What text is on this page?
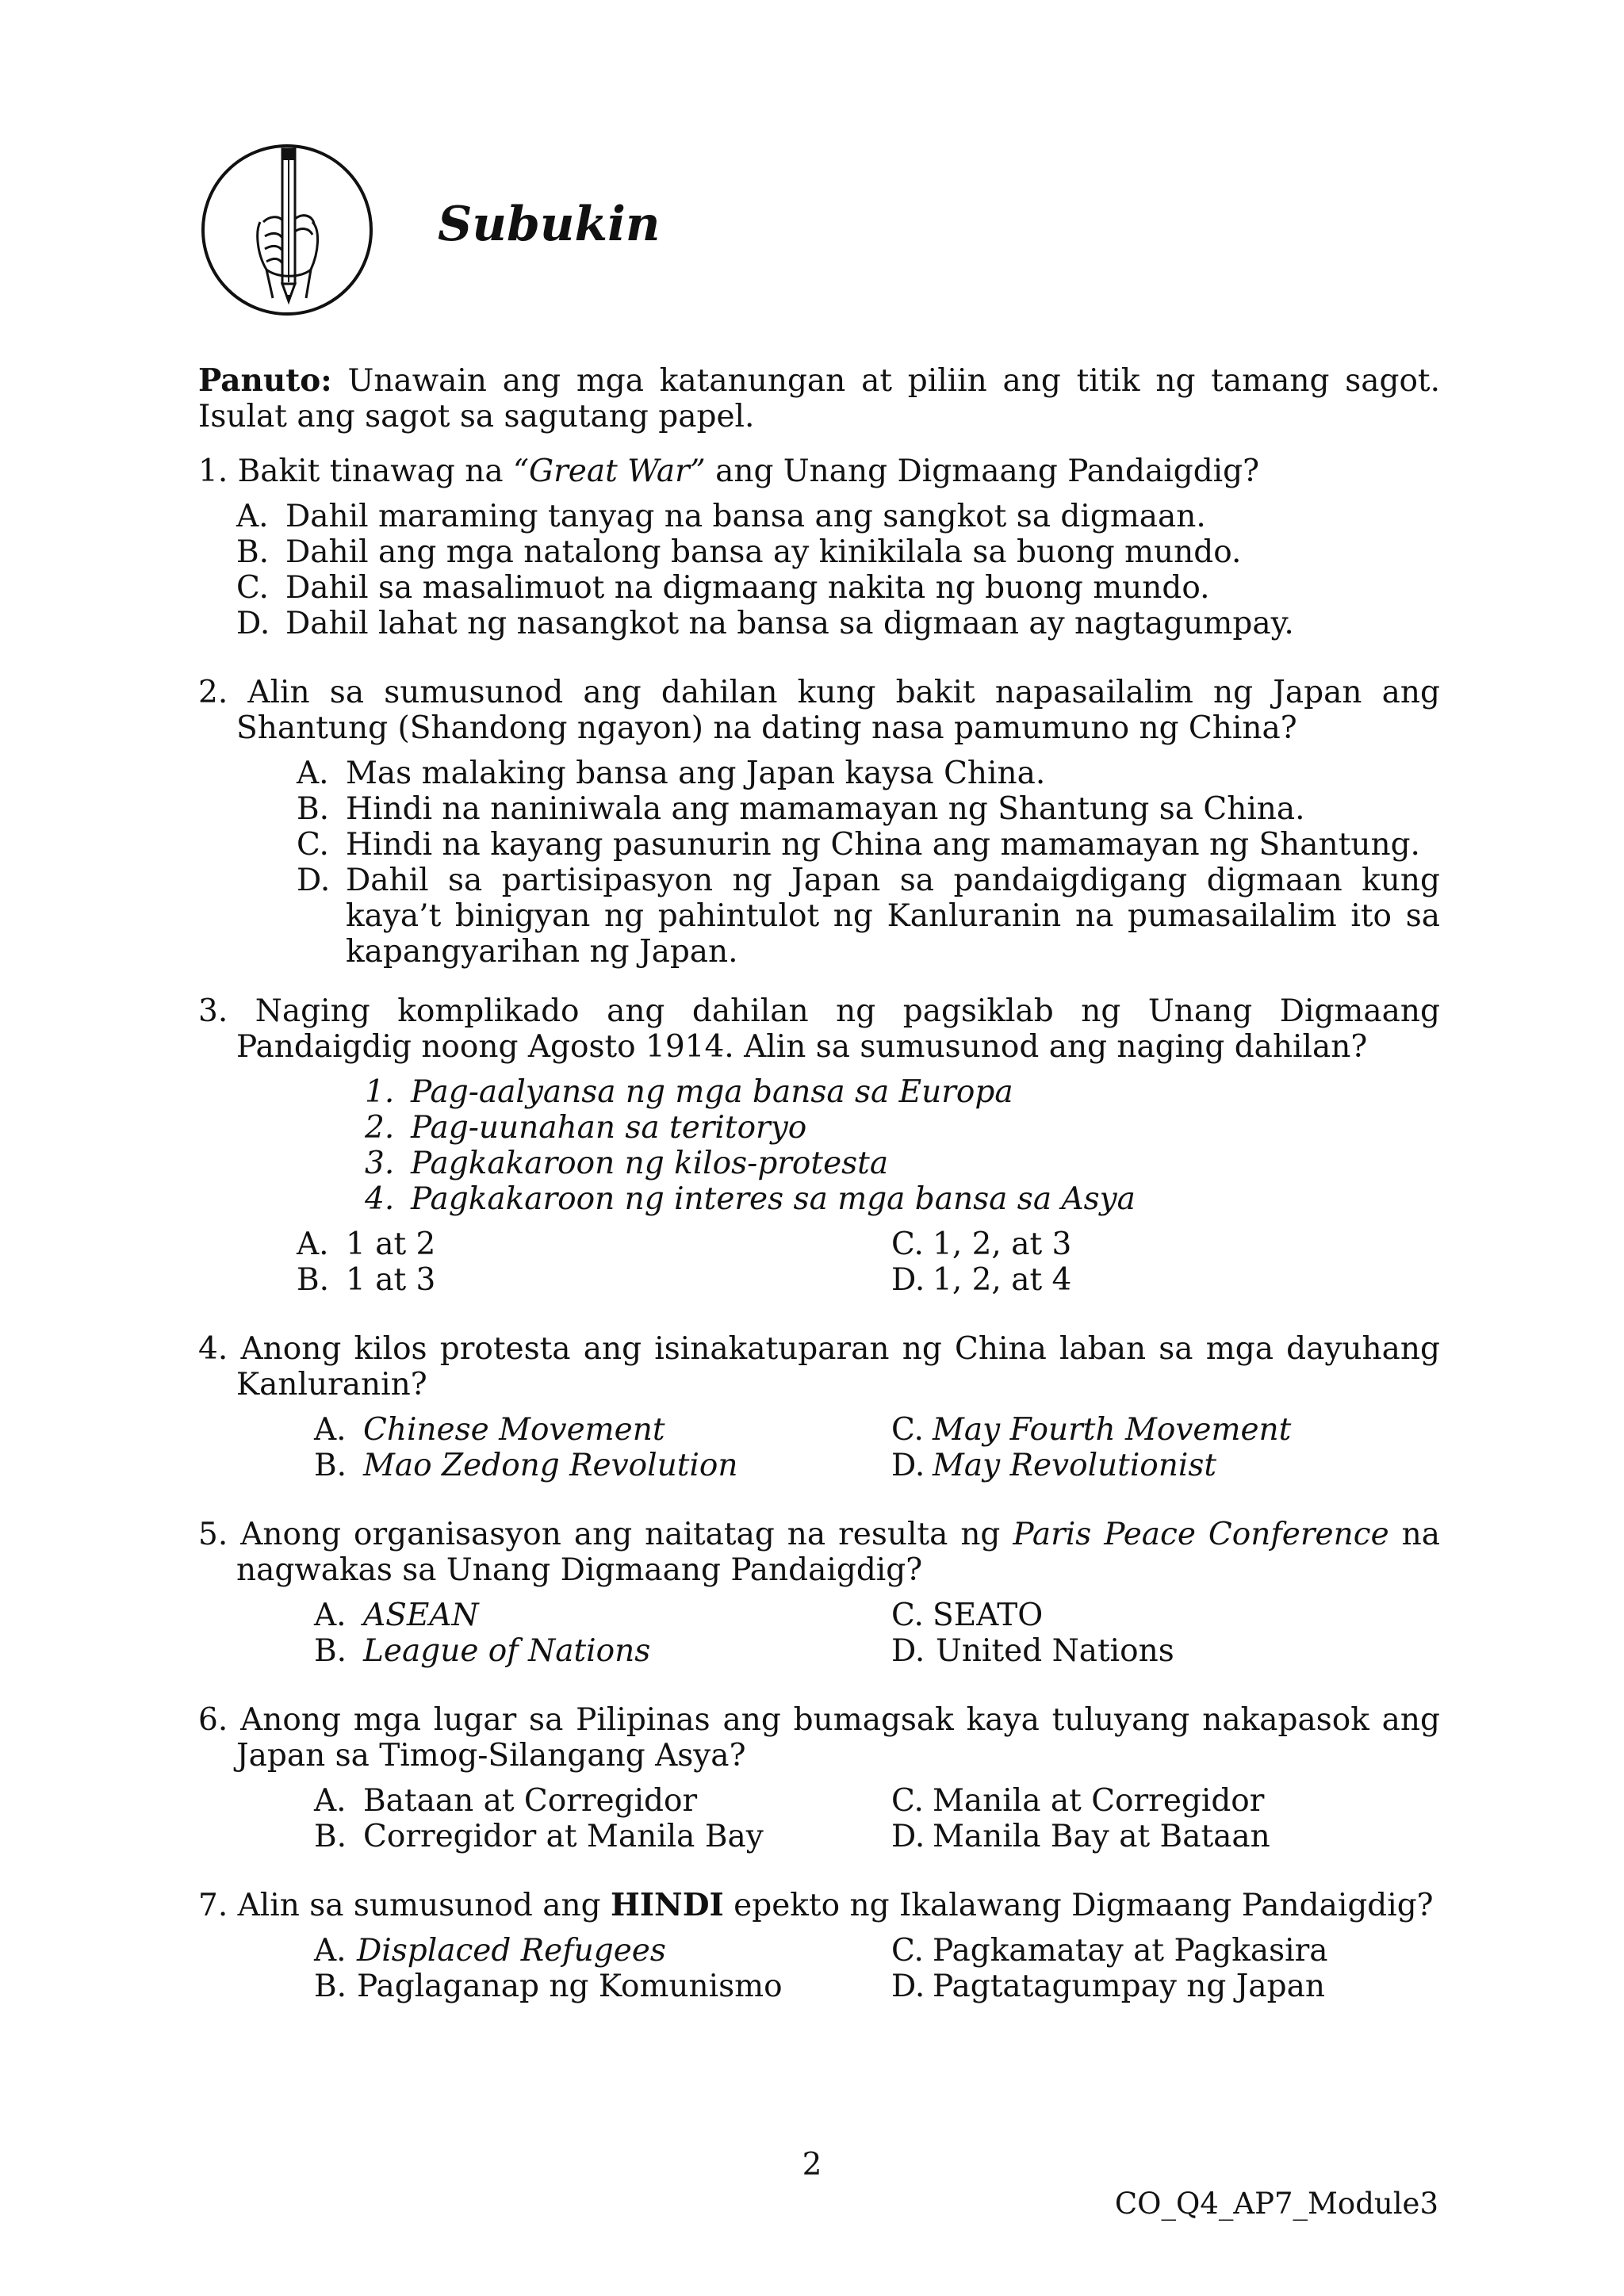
Subukin
Panuto: Unawain ang mga katanungan at piliin ang titik ng tamang sagot. Isulat ang sagot sa sagutang papel.
1. Bakit tinawag na “Great War” ang Unang Digmaang Pandaigdig?
A. Dahil maraming tanyag na bansa ang sangkot sa digmaan.
B. Dahil ang mga natalong bansa ay kinikilala sa buong mundo.
C. Dahil sa masalimuot na digmaang nakita ng buong mundo.
D. Dahil lahat ng nasangkot na bansa sa digmaan ay nagtagumpay.
2. Alin sa sumusunod ang dahilan kung bakit napasailalim ng Japan ang Shantung (Shandong ngayon) na dating nasa pamumuno ng China?
A. Mas malaking bansa ang Japan kaysa China.
B. Hindi na naniniwala ang mamamayan ng Shantung sa China.
C. Hindi na kayang pasunurin ng China ang mamamayan ng Shantung.
D. Dahil sa partisipasyon ng Japan sa pandaigdigang digmaan kung kaya’t binigyan ng pahintulot ng Kanluranin na pumasailalim ito sa kapangyarihan ng Japan.
3. Naging komplikado ang dahilan ng pagsiklab ng Unang Digmaang Pandaigdig noong Agosto 1914. Alin sa sumusunod ang naging dahilan?
1. Pag-aalyansa ng mga bansa sa Europa
2. Pag-uunahan sa teritoryo
3. Pagkakaroon ng kilos-protesta
4. Pagkakaroon ng interes sa mga bansa sa Asya
A. 1 at 2	C. 1, 2, at 3
B. 1 at 3	D. 1, 2, at 4
4. Anong kilos protesta ang isinakatuparan ng China laban sa mga dayuhang Kanluranin?
A. Chinese Movement	C. May Fourth Movement
B. Mao Zedong Revolution	D. May Revolutionist
5. Anong organisasyon ang naitatag na resulta ng Paris Peace Conference na nagwakas sa Unang Digmaang Pandaigdig?
A. ASEAN	C. SEATO
B. League of Nations	D. United Nations
6. Anong mga lugar sa Pilipinas ang bumagsak kaya tuluyang nakapasok ang Japan sa Timog-Silangang Asya?
A. Bataan at Corregidor	C. Manila at Corregidor
B. Corregidor at Manila Bay	D. Manila Bay at Bataan
7. Alin sa sumusunod ang HINDI epekto ng Ikalawang Digmaang Pandaigdig?
A. Displaced Refugees	C. Pagkamatay at Pagkasira
B. Paglaganap ng Komunismo	D. Pagtatagumpay ng Japan
2
CO_Q4_AP7_Module3
